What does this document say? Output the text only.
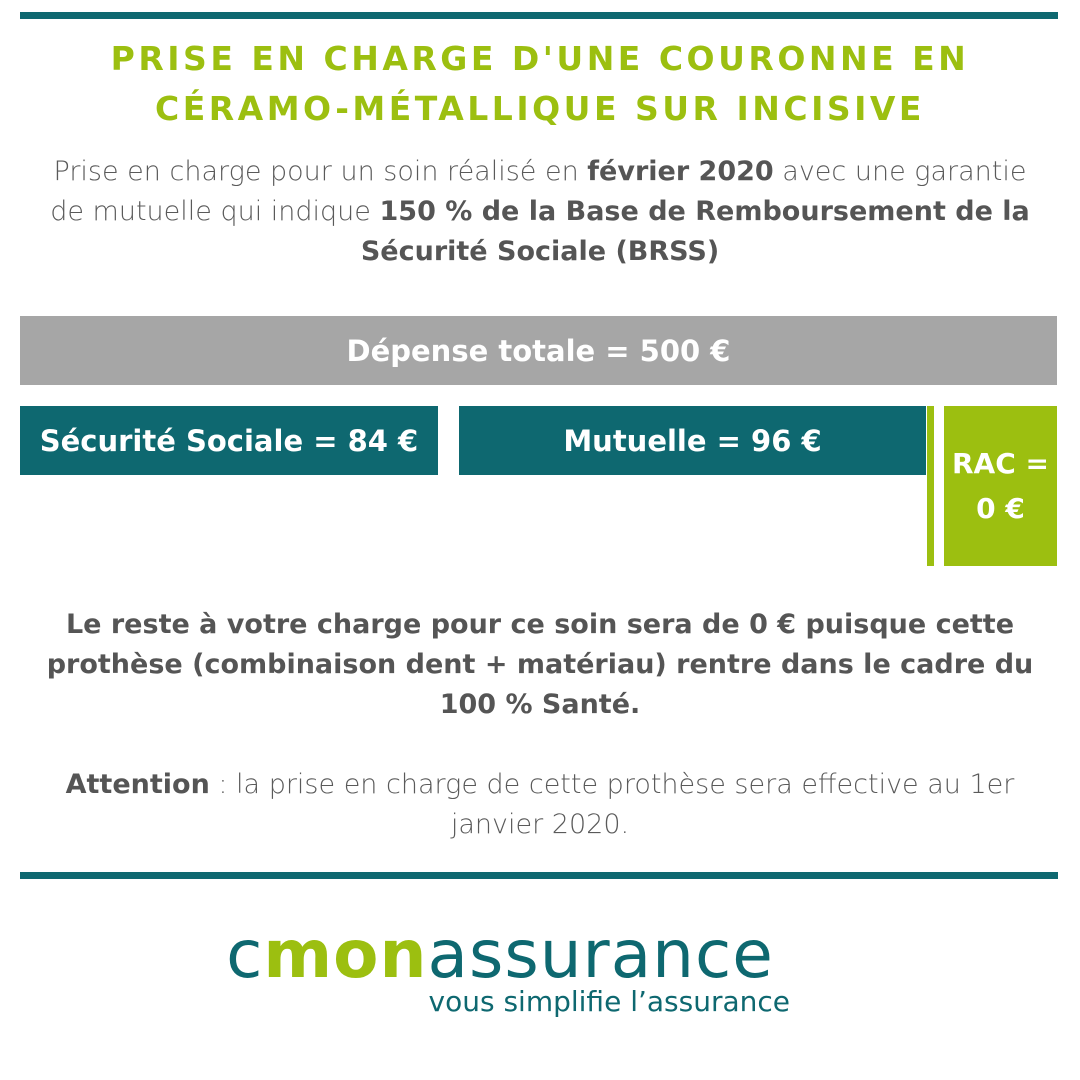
PRISE EN CHARGE D'UNE COURONNE EN
CÉRAMO-MÉTALLIQUE SUR INCISIVE
Prise en charge pour un soin réalisé en février 2020 avec une garantie de mutuelle qui indique 150 % de la Base de Remboursement de la Sécurité Sociale (BRSS)
Dépense totale = 500 €
Sécurité Sociale = 84 €	Mutuelle = 96 €
RAC =
0 €
Le reste à votre charge pour ce soin sera de 0 € puisque cette prothèse (combinaison dent + matériau) rentre dans le cadre du 100 % Santé.
Attention : la prise en charge de cette prothèse sera effective au 1er janvier 2020.
cmonassurance
vous simplifie l’assurance
